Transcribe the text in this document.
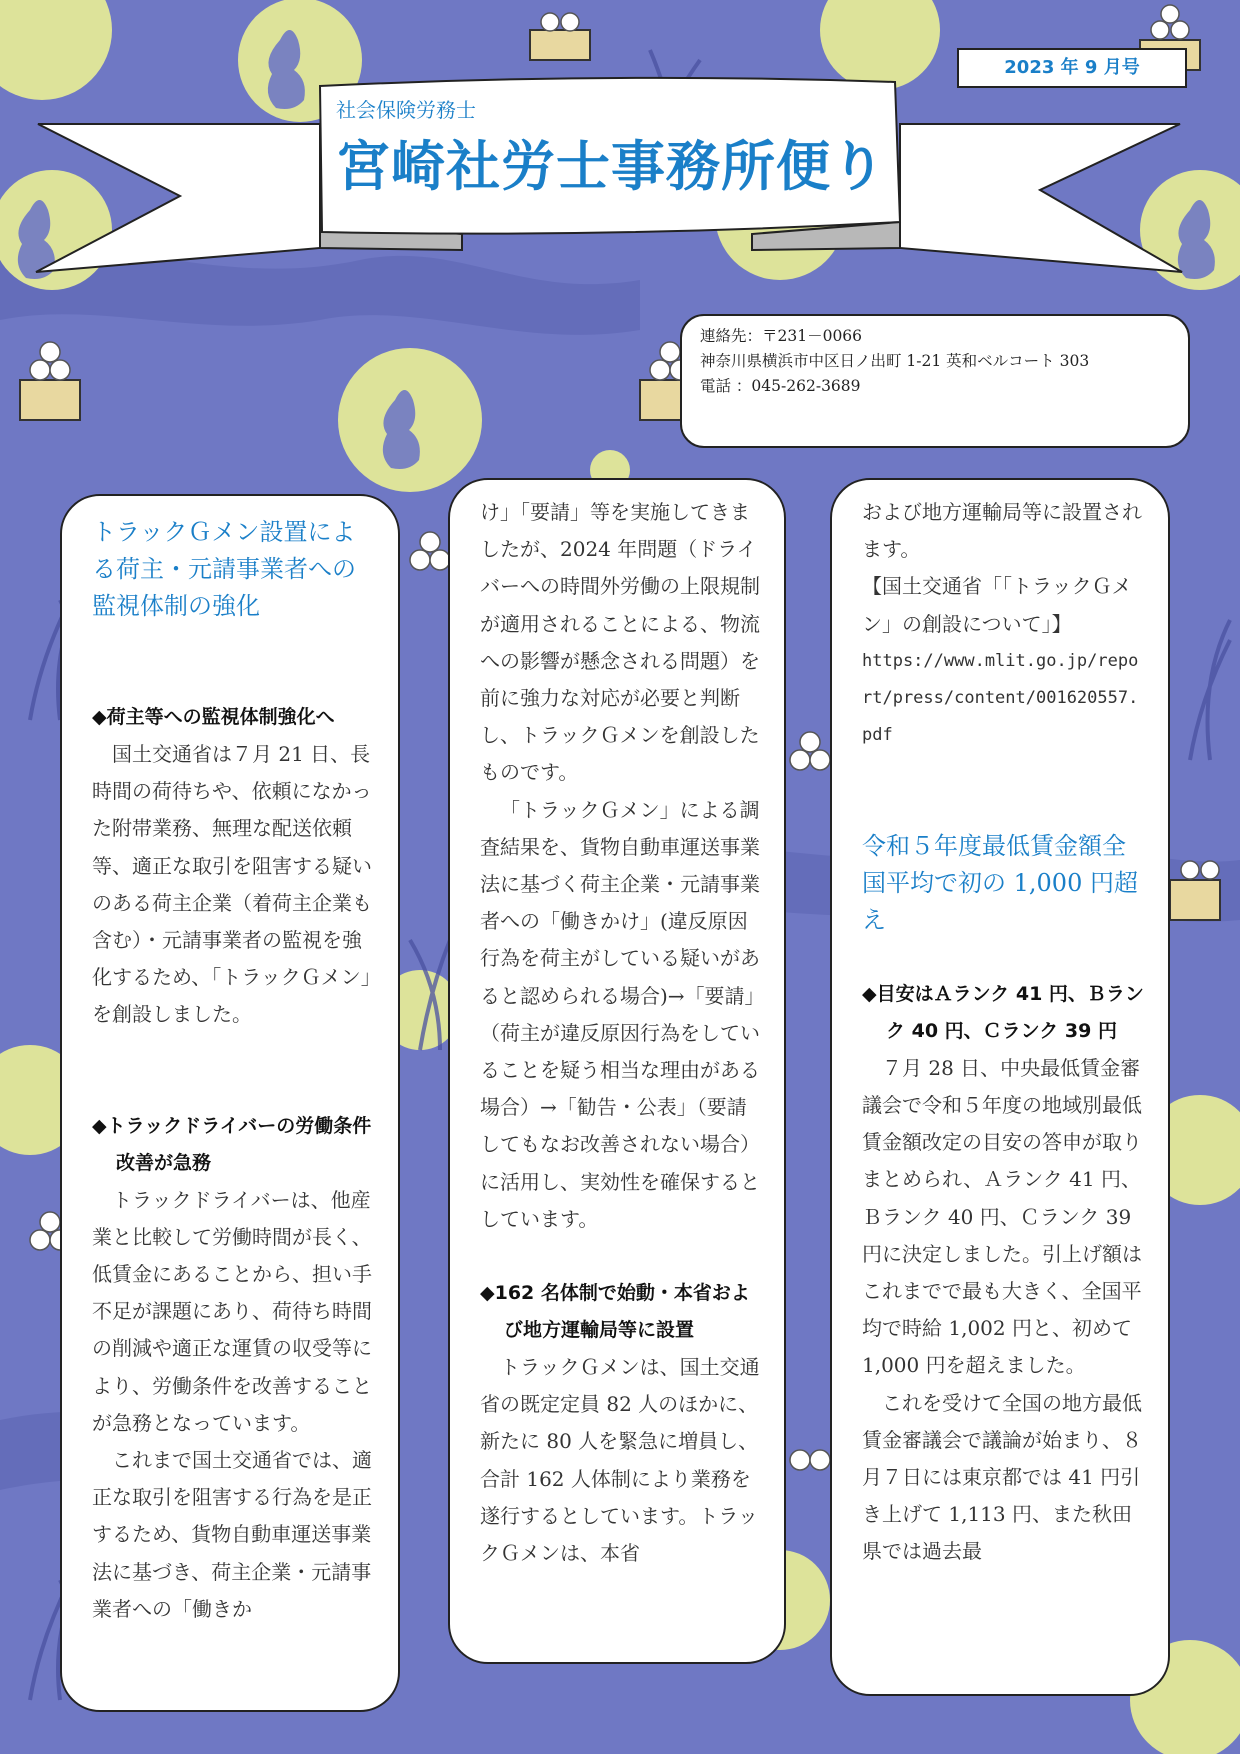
社会保険労務士
宮崎社労士事務所便り
2023 年 9 月号
連絡先：〒231－0066
神奈川県横浜市中区日ノ出町 1-21 英和ベルコート 303
電話 ：045-262-3689

トラックＧメン設置による荷主・元請事業者への監視体制の強化

◆荷主等への監視体制強化へ

国土交通省は７月 21 日、長時間の荷待ちや、依頼になかった附帯業務、無理な配送依頼等、適正な取引を阻害する疑いのある荷主企業（着荷主企業も含む）・元請事業者の監視を強化するため、「トラックＧメン」を創設しました。

◆トラックドライバーの労働条件改善が急務

トラックドライバーは、他産業と比較して労働時間が長く、低賃金にあることから、担い手不足が課題にあり、荷待ち時間の削減や適正な運賃の収受等により、労働条件を改善することが急務となっています。

これまで国土交通省では、適正な取引を阻害する行為を是正するため、貨物自動車運送事業法に基づき、荷主企業・元請事業者への「働きか

け」「要請」等を実施してきましたが、2024 年問題（ドライバーへの時間外労働の上限規制が適用されることによる、物流への影響が懸念される問題）を前に強力な対応が必要と判断し、トラックＧメンを創設したものです。

「トラックＧメン」による調査結果を、貨物自動車運送事業法に基づく荷主企業・元請事業者への「働きかけ」(違反原因行為を荷主がしている疑いがあると認められる場合)→「要請」（荷主が違反原因行為をしていることを疑う相当な理由がある場合）→「勧告・公表」（要請してもなお改善されない場合）に活用し、実効性を確保するとしています。

◆162 名体制で始動・本省および地方運輸局等に設置

トラックＧメンは、国土交通省の既定定員 82 人のほかに、新たに 80 人を緊急に増員し、合計 162 人体制により業務を遂行するとしています。トラックＧメンは、本省

および地方運輸局等に設置されます。

【国土交通省「「トラックＧメン」の創設について」】

https://www.mlit.go.jp/report/press/content/001620557.pdf

令和５年度最低賃金額全国平均で初の 1,000 円超え

◆目安はＡランク 41 円、Ｂランク 40 円、Ｃランク 39 円

７月 28 日、中央最低賃金審議会で令和５年度の地域別最低賃金額改定の目安の答申が取りまとめられ、Ａランク 41 円、Ｂランク 40 円、Ｃランク 39 円に決定しました。引上げ額はこれまでで最も大きく、全国平均で時給 1,002 円と、初めて 1,000 円を超えました。

これを受けて全国の地方最低賃金審議会で議論が始まり、８月７日には東京都では 41 円引き上げて 1,113 円、また秋田県では過去最
